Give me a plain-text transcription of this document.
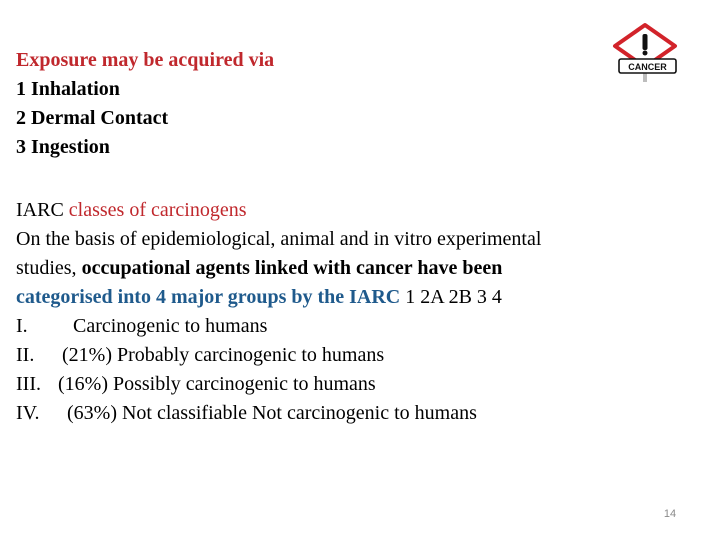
Exposure may be acquired via
1 Inhalation
2 Dermal Contact
3 Ingestion
IARC classes of carcinogens
On the basis of epidemiological, animal and in vitro experimental
studies, occupational agents linked with cancer have been
categorised into 4 major groups by the IARC 1 2A 2B 3 4
I. Carcinogenic to humans
II. (21%) Probably carcinogenic to humans
III. (16%) Possibly carcinogenic to humans
IV. (63%) Not classifiable Not carcinogenic to humans
CANCER
14
